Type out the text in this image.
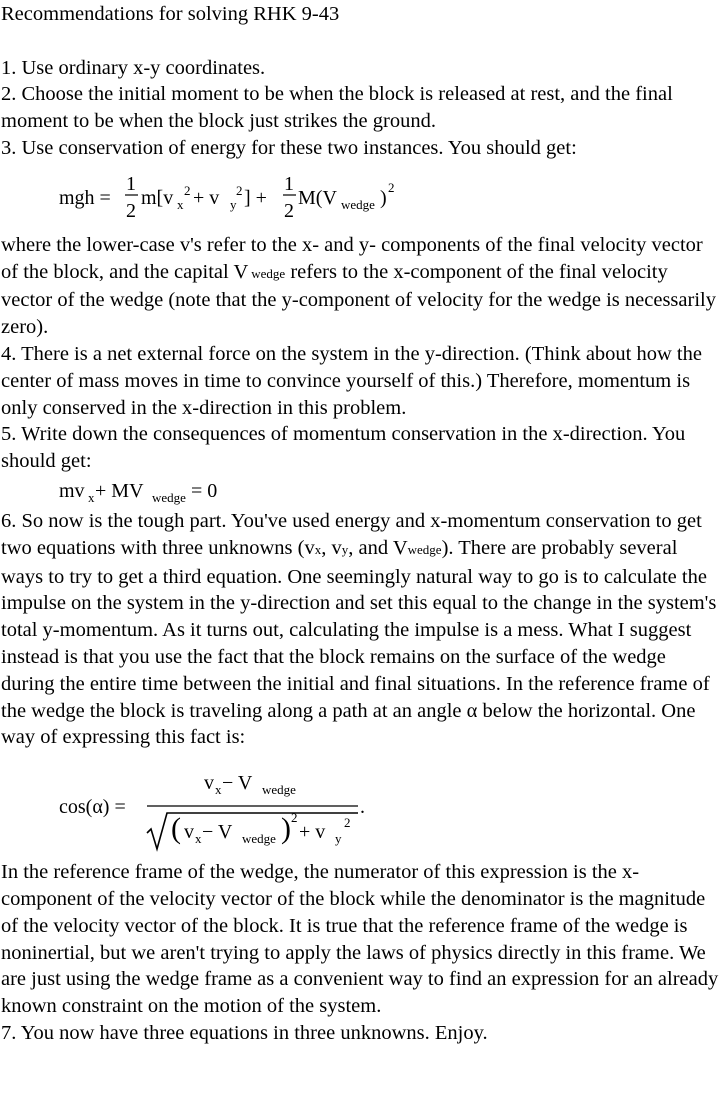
Recommendations for solving RHK 9-43

1. Use ordinary x-y coordinates.

2. Choose the initial moment to be when the block is released at rest, and the final moment to be when the block just strikes the ground.

3. Use conservation of energy for these two instances. You should get:

mgh =
1
2
m[v x
2 + v y
2 ] +
1
2
M(V wedge ) 2

where the lower-case v's refer to the x- and y- components of the final velocity vector of the block, and the capital V wedge refers to the x-component of the final velocity vector of the wedge (note that the y-component of velocity for the wedge is necessarily zero).

4. There is a net external force on the system in the y-direction. (Think about how the center of mass moves in time to convince yourself of this.) Therefore, momentum is only conserved in the x-direction in this problem.

5. Write down the consequences of momentum conservation in the x-direction. You should get:

mv x + MV wedge = 0

6. So now is the tough part. You've used energy and x-momentum conservation to get two equations with three unknowns (vx, vy, and Vwedge). There are probably several ways to try to get a third equation. One seemingly natural way to go is to calculate the impulse on the system in the y-direction and set this equal to the change in the system's total y-momentum. As it turns out, calculating the impulse is a mess. What I suggest instead is that you use the fact that the block remains on the surface of the wedge during the entire time between the initial and final situations. In the reference frame of the wedge the block is traveling along a path at an angle α below the horizontal. One way of expressing this fact is:

cos(α) =
v x − V wedge
( v x − V wedge ) 2
+ v y
2
.

In the reference frame of the wedge, the numerator of this expression is the x-component of the velocity vector of the block while the denominator is the magnitude of the velocity vector of the block. It is true that the reference frame of the wedge is noninertial, but we aren't trying to apply the laws of physics directly in this frame. We are just using the wedge frame as a convenient way to find an expression for an already known constraint on the motion of the system.

7. You now have three equations in three unknowns. Enjoy.
